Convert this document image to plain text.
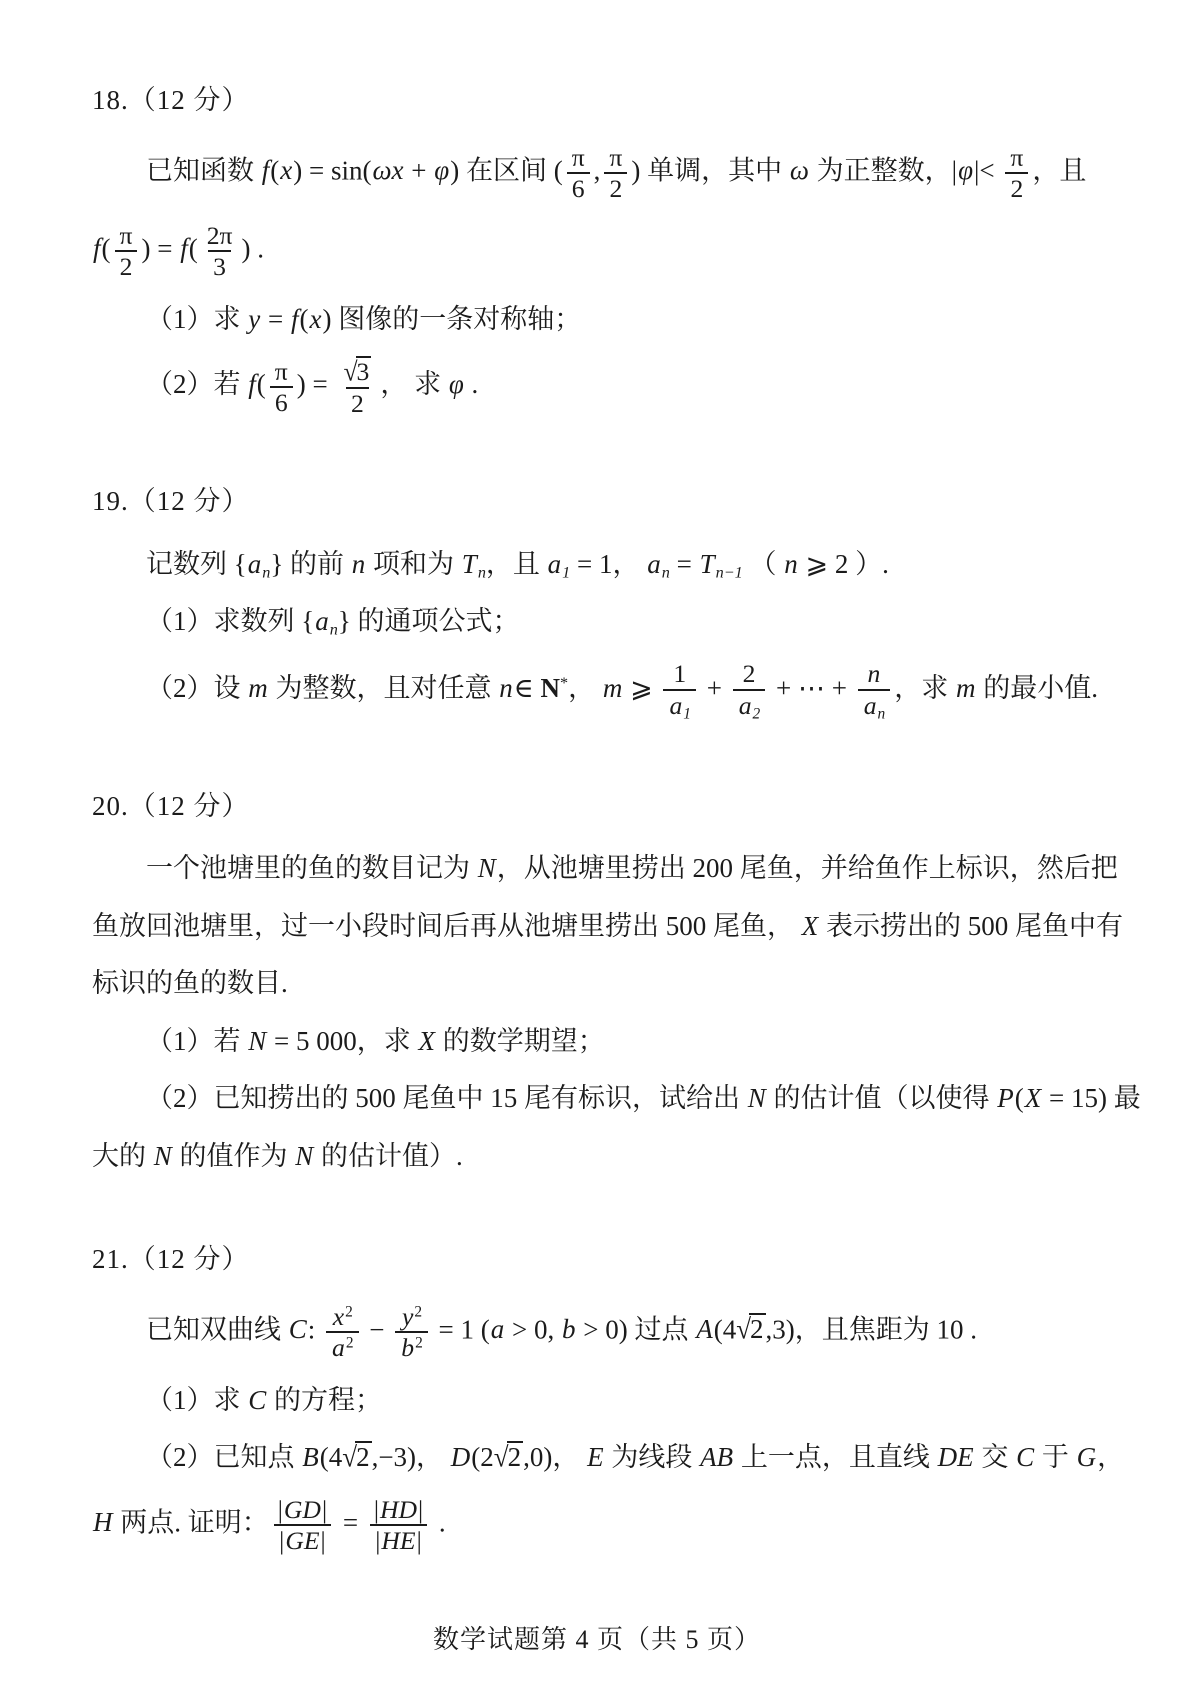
18.（12 分）
已知函数 f(x) = sin(ωx + φ) 在区间 ( $\frac{\pi}{6}$ , $\frac{\pi}{2}$ ) 单调，其中 ω 为正整数，$|\varphi|< \frac{\pi}{2}$ ，且
$f( \frac{\pi}{2}$ ) = $f( \frac{2\pi}{3}$ ) .
（1）求 y = f(x) 图像的一条对称轴；
（2）若 $f( \frac{\pi}{6}$ ) = $\frac{√3}{2}$ ， 求 φ .
19.（12 分）
记数列 {an} 的前 n 项和为 Tn，且 a1 = 1， an = Tn−1 （ n ⩾ 2 ）.
（1）求数列 {an} 的通项公式；
（2）设 m 为整数，且对任意 n∈ N*， m ⩾ $\frac{1}{a1} + \frac{2}{a2}$ + ⋯ + $\frac{n}{an}$ ，求 m 的最小值.
20.（12 分）
一个池塘里的鱼的数目记为 N，从池塘里捞出 200 尾鱼，并给鱼作上标识，然后把
鱼放回池塘里，过一小段时间后再从池塘里捞出 500 尾鱼， X 表示捞出的 500 尾鱼中有
标识的鱼的数目.
（1）若 N = 5 000，求 X 的数学期望；
（2）已知捞出的 500 尾鱼中 15 尾有标识，试给出 N 的估计值（以使得 P(X = 15) 最
大的 N 的值作为 N 的估计值）.
21.（12 分）
已知双曲线 C: $\frac{x^2}{a^2} - \frac{y^2}{b^2} = 1$ (a > 0, b > 0) 过点 A(4√2,3)，且焦距为 10 .
（1）求 C 的方程；
（2）已知点 B(4√2,−3)， D(2√2,0)， E 为线段 AB 上一点，且直线 DE 交 C 于 G，
H 两点. 证明： $\frac{|GD|}{|GE|} = \frac{|HD|}{|HE|}$ .
数学试题第 4 页（共 5 页）
